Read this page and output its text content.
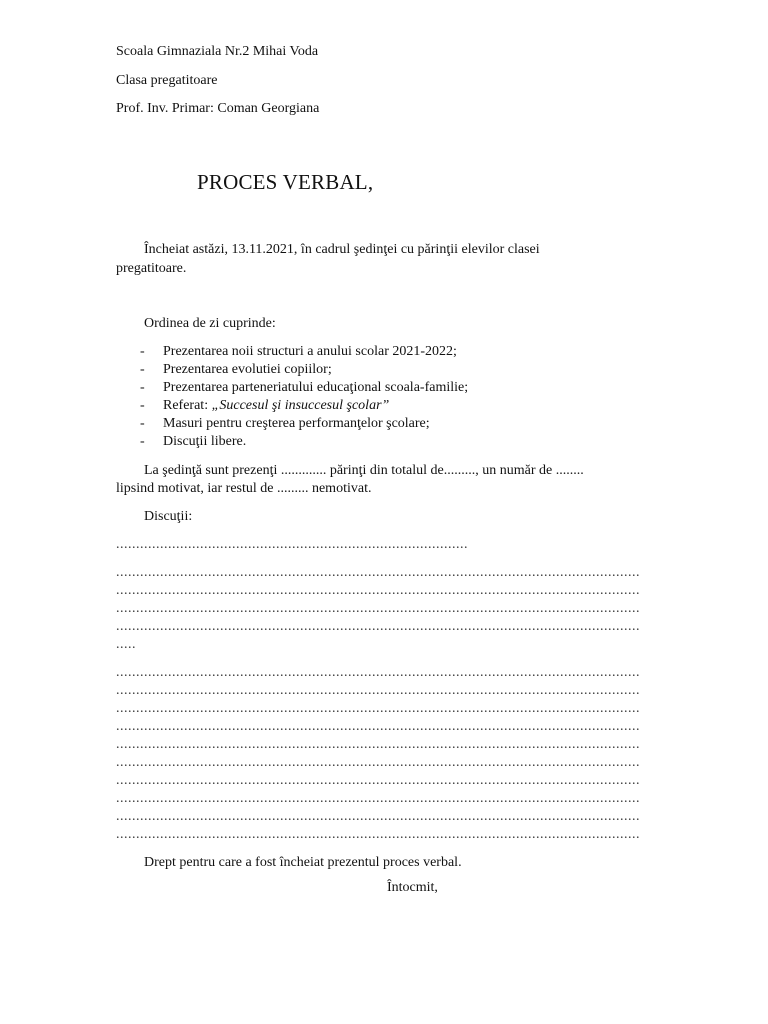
Scoala Gimnaziala Nr.2 Mihai Voda
Clasa pregatitoare
Prof. Inv. Primar: Coman Georgiana
PROCES VERBAL,
Încheiat astăzi, 13.11.2021, în cadrul şedinţei cu părinţii elevilor clasei
pregatitoare.
Ordinea de zi cuprinde:
- Prezentarea noii structuri a anului scolar 2021-2022;
- Prezentarea evolutiei copiilor;
- Prezentarea parteneriatului educaţional scoala-familie;
- Referat: „Succesul şi insuccesul şcolar”
- Masuri pentru creşterea performanţelor şcolare;
- Discuţii libere.
La şedinţă sunt prezenţi ............. părinţi din totalul de........., un număr de ........
lipsind motivat, iar restul de ......... nemotivat.
Discuţii:
........................................................................................
...................................................................................................................................
...................................................................................................................................
...................................................................................................................................
...................................................................................................................................
.....
...................................................................................................................................
...................................................................................................................................
...................................................................................................................................
...................................................................................................................................
...................................................................................................................................
...................................................................................................................................
...................................................................................................................................
...................................................................................................................................
...................................................................................................................................
...................................................................................................................................
Drept pentru care a fost încheiat prezentul proces verbal.
Întocmit,
